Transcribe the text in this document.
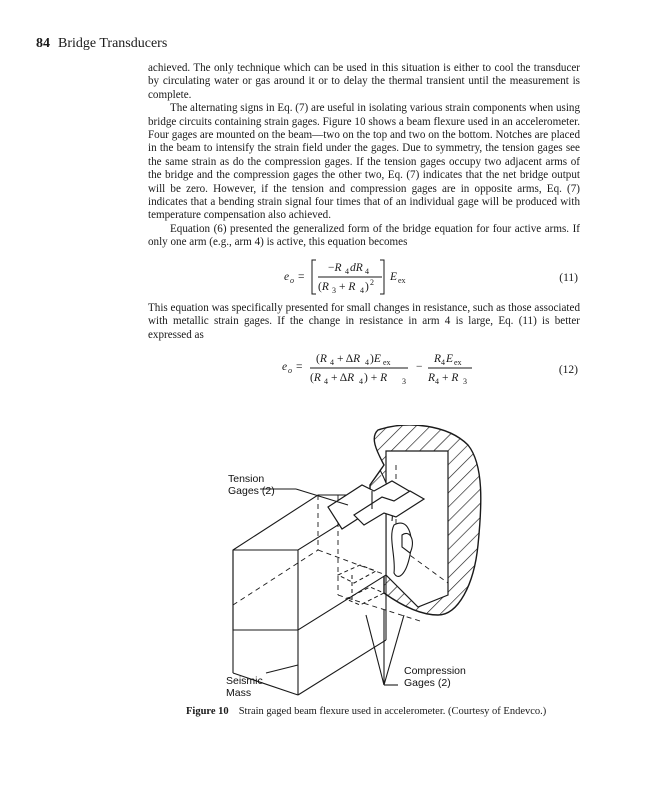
84 Bridge Transducers

achieved. The only technique which can be used in this situation is either to cool the transducer by circulating water or gas around it or to delay the thermal transient until the measurement is complete.

The alternating signs in Eq. (7) are useful in isolating various strain components when using bridge circuits containing strain gages. Figure 10 shows a beam flexure used in an accelerometer. Four gages are mounted on the beam—two on the top and two on the bottom. Notches are placed in the beam to intensify the strain field under the gages. Due to symmetry, the tension gages see the same strain as do the compression gages. If the tension gages occupy two adjacent arms of the bridge and the compression gages the other two, Eq. (7) indicates that the net bridge output will be zero. However, if the tension and compression gages are in opposite arms, Eq. (7) indicates that a bending strain signal four times that of an individual gage will be produced with temperature compensation also achieved.

Equation (6) presented the generalized form of the bridge equation for four active arms. If only one arm (e.g., arm 4) is active, this equation becomes

e o =
−R 4 dR 4
(R 3 + R 4 ) 2 E ex	(11)

This equation was specifically presented for small changes in resistance, such as those associated with metallic strain gages. If the change in resistance in arm 4 is large, Eq. (11) is better expressed as

e o =
(R 4 + ΔR 4 )E ex
(R 4 + ΔR 4 ) + R 3
−
R 4 E ex
R 4 + R 3
(12)
Tension
Gages (2)
Compression
Gages (2)
Seismic
Mass
Figure 10 Strain gaged beam flexure used in accelerometer. (Courtesy of Endevco.)
